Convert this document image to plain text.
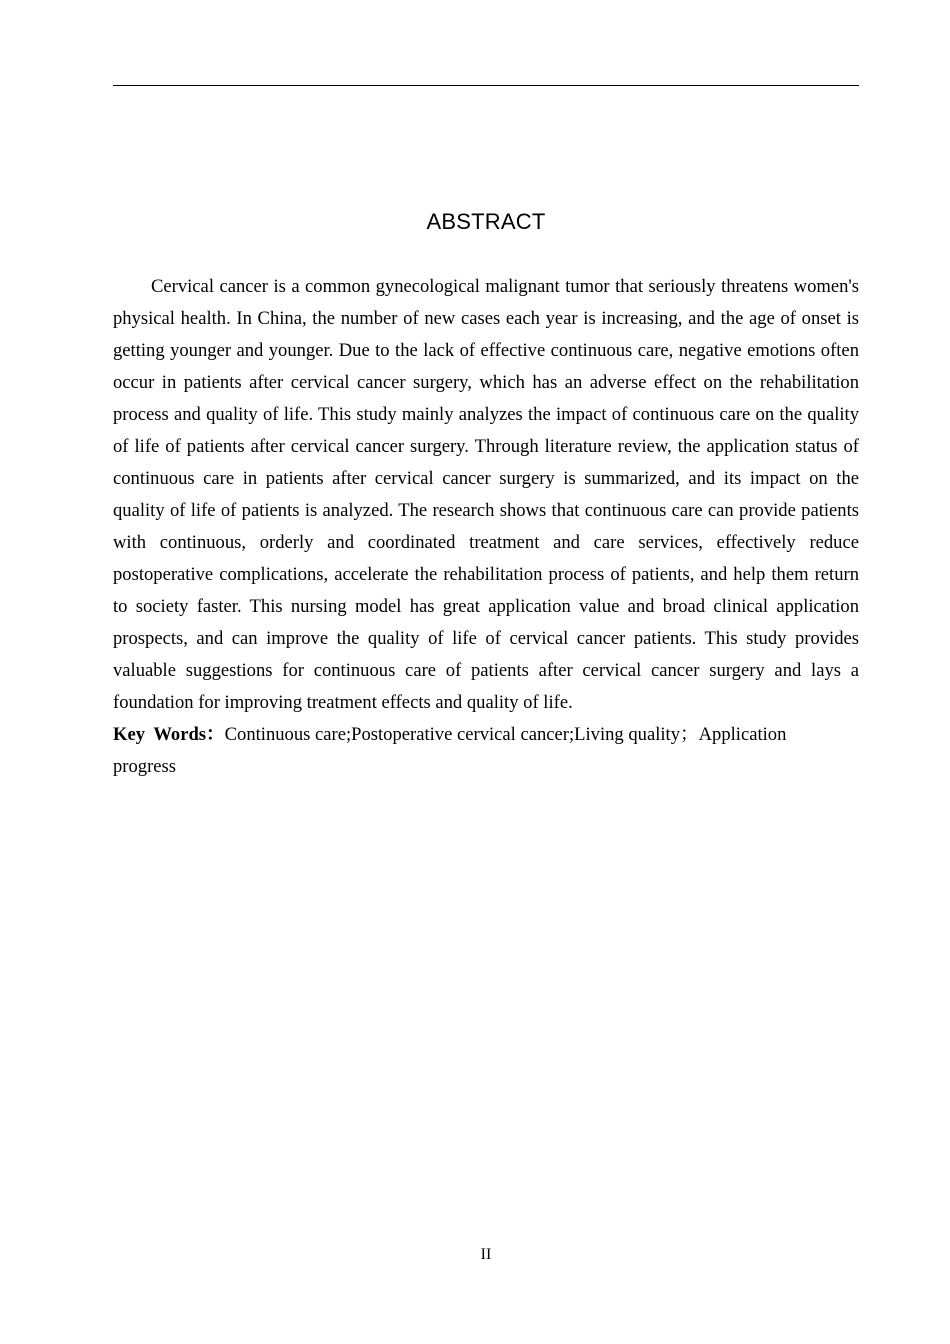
ABSTRACT

Cervical cancer is a common gynecological malignant tumor that seriously threatens women's physical health. In China, the number of new cases each year is increasing, and the age of onset is getting younger and younger. Due to the lack of effective continuous care, negative emotions often occur in patients after cervical cancer surgery, which has an adverse effect on the rehabilitation process and quality of life. This study mainly analyzes the impact of continuous care on the quality of life of patients after cervical cancer surgery. Through literature review, the application status of continuous care in patients after cervical cancer surgery is summarized, and its impact on the quality of life of patients is analyzed. The research shows that continuous care can provide patients with continuous, orderly and coordinated treatment and care services, effectively reduce postoperative complications, accelerate the rehabilitation process of patients, and help them return to society faster. This nursing model has great application value and broad clinical application prospects, and can improve the quality of life of cervical cancer patients. This study provides valuable suggestions for continuous care of patients after cervical cancer surgery and lays a foundation for improving treatment effects and quality of life.

Key Words：Continuous care;Postoperative cervical cancer;Living quality；Application progress

II
